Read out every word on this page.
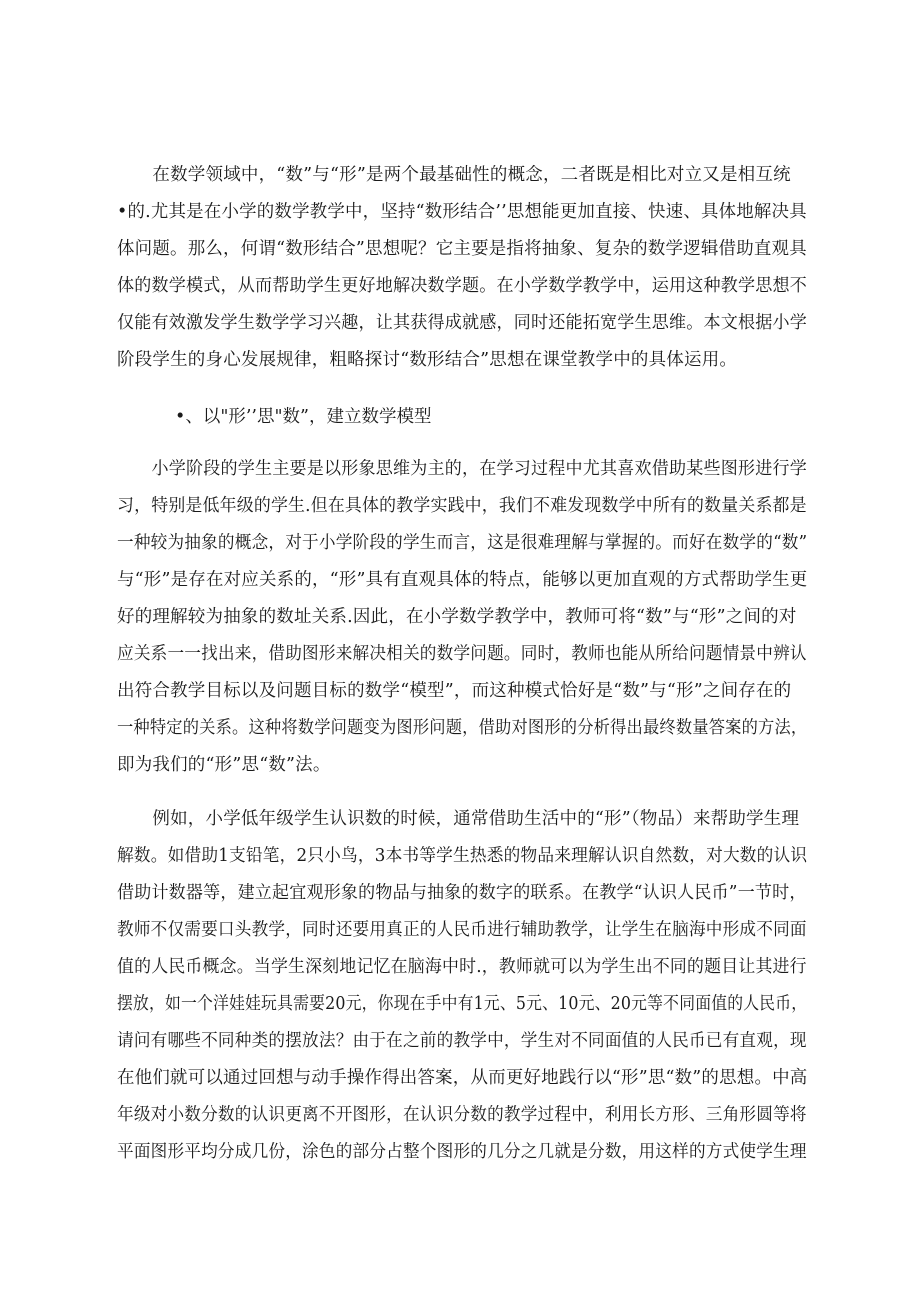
　　在数学领域中，“数”与“形”是两个最基础性的概念，二者既是相比对立又是相互统
•的.尤其是在小学的数学教学中，坚持“数形结合’’思想能更加直接、快速、具体地解决具
体问题。那么，何谓“数形结合”思想呢？它主要是指将抽象、复杂的数学逻辑借助直观具
体的数学模式，从而帮助学生更好地解决数学题。在小学数学教学中，运用这种教学思想不
仅能有效激发学生数学学习兴趣，让其获得成就感，同时还能拓宽学生思维。本文根据小学
阶段学生的身心发展规律，粗略探讨“数形结合”思想在课堂教学中的具体运用。
•、以"形’’思"数”，建立数学模型
　　小学阶段的学生主要是以形象思维为主的，在学习过程中尤其喜欢借助某些图形进行学
习，特别是低年级的学生.但在具体的教学实践中，我们不难发现数学中所有的数量关系都是
一种较为抽象的概念，对于小学阶段的学生而言，这是很难理解与掌握的。而好在数学的“数”
与“形”是存在对应关系的，“形”具有直观具体的特点，能够以更加直观的方式帮助学生更
好的理解较为抽象的数址关系.因此，在小学数学教学中，教师可将“数”与“形”之间的对
应关系一一找出来，借助图形来解决相关的数学问题。同时，教师也能从所给问题情景中辨认
出符合教学目标以及问题目标的数学“模型”，而这种模式恰好是“数”与“形”之间存在的
一种特定的关系。这种将数学问题变为图形问题，借助对图形的分析得出最终数量答案的方法，
即为我们的“形”思“数”法。
　　例如，小学低年级学生认识数的时候，通常借助生活中的“形”（物品）来帮助学生理
解数。如借助1支铅笔，2只小鸟，3本书等学生热悉的物品来理解认识自然数，对大数的认识
借助计数器等，建立起宜观形象的物品与抽象的数字的联系。在教学“认识人民币”一节时，
教师不仅需要口头教学，同时还要用真正的人民币进行辅助教学，让学生在脑海中形成不同面
值的人民币概念。当学生深刻地记忆在脑海中时.，教师就可以为学生出不同的题目让其进行
摆放，如一个洋娃娃玩具需要20元，你现在手中有1元、5元、10元、20元等不同面值的人民币，
请问有哪些不同种类的摆放法？由于在之前的教学中，学生对不同面值的人民币已有直观，现
在他们就可以通过回想与动手操作得出答案，从而更好地践行以“形”思“数”的思想。中高
年级对小数分数的认识更离不开图形，在认识分数的教学过程中，利用长方形、三角形圆等将
平面图形平均分成几份，涂色的部分占整个图形的几分之几就是分数，用这样的方式使学生理
